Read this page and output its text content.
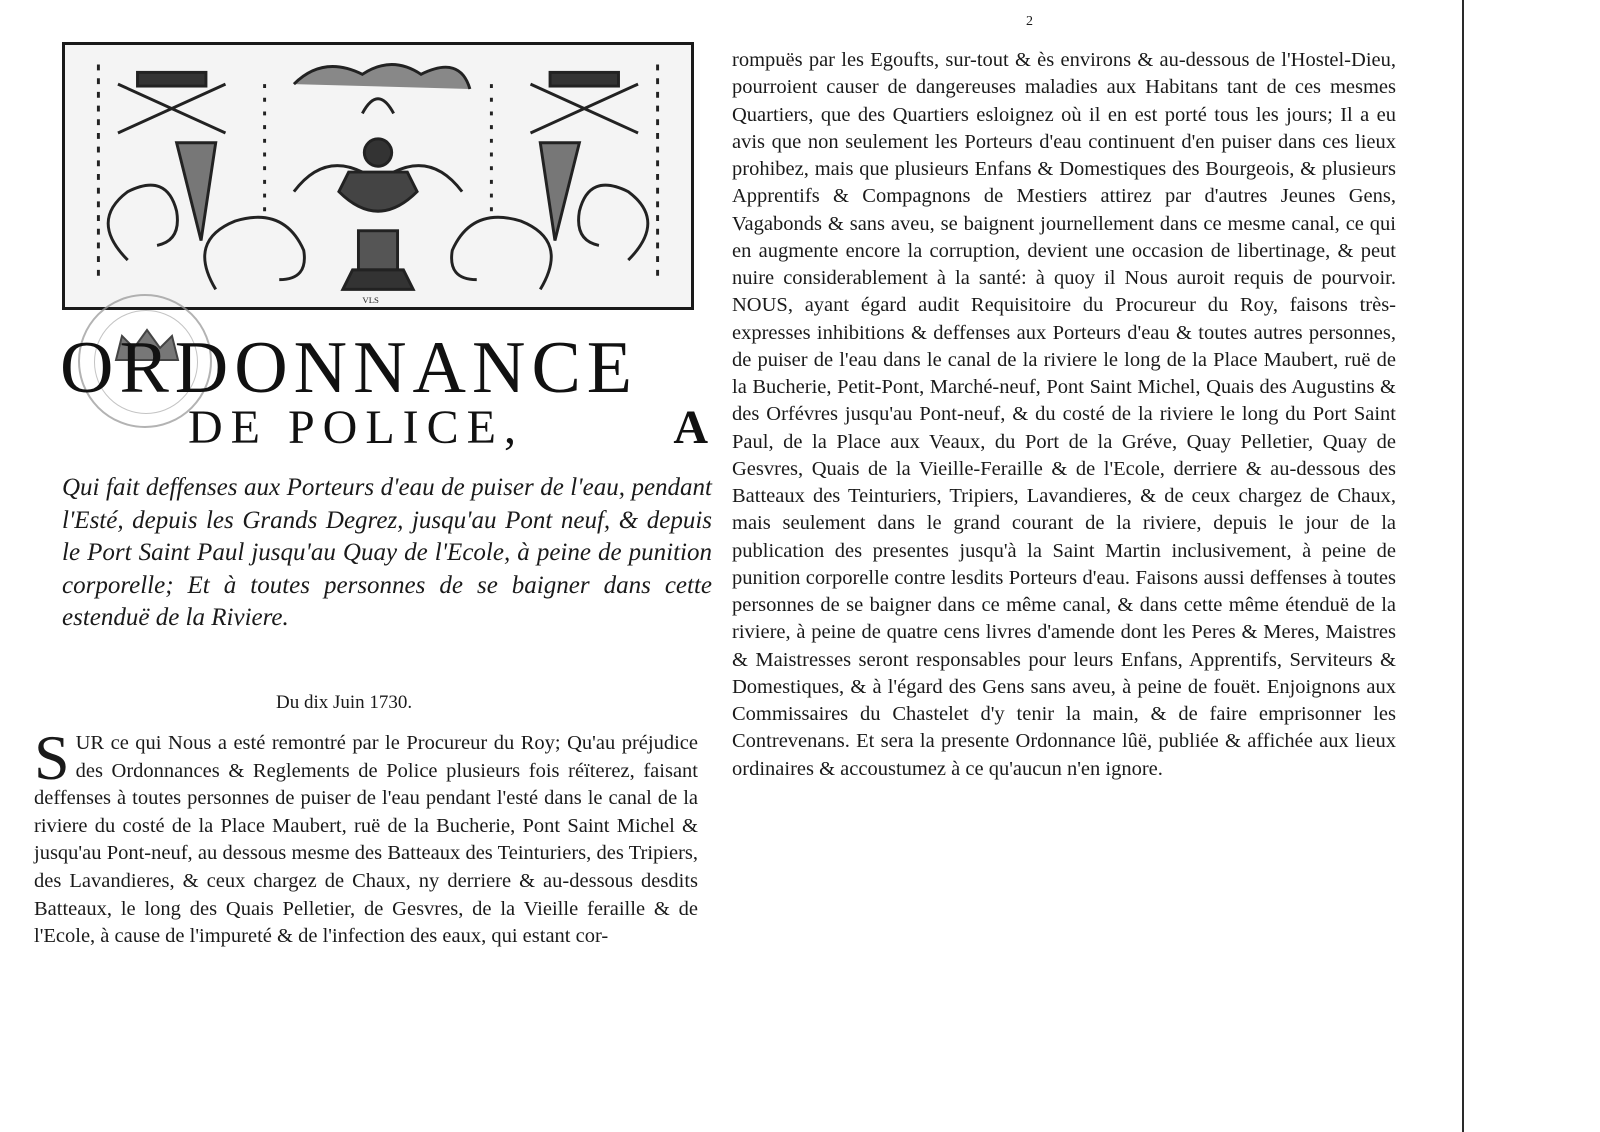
VLS
ORDONNANCE
DE POLICE,	A
Qui fait deffenses aux Porteurs d'eau de puiser de l'eau, pendant l'Esté, depuis les Grands Degrez, jusqu'au Pont neuf, & depuis le Port Saint Paul jusqu'au Quay de l'Ecole, à peine de punition corporelle; Et à toutes personnes de se baigner dans cette estenduë de la Riviere.
Du dix Juin 1730.
SUR ce qui Nous a esté remontré par le Procureur du Roy; Qu'au préjudice des Ordonnances & Reglements de Police plusieurs fois réïterez, faisant deffenses à toutes personnes de puiser de l'eau pendant l'esté dans le canal de la riviere du costé de la Place Maubert, ruë de la Bucherie, Pont Saint Michel & jusqu'au Pont-neuf, au dessous mesme des Batteaux des Teinturiers, des Tripiers, des Lavandieres, & ceux chargez de Chaux, ny derriere & au-dessous desdits Batteaux, le long des Quais Pelletier, de Gesvres, de la Vieille feraille & de l'Ecole, à cause de l'impureté & de l'infection des eaux, qui estant cor-
2
rompuës par les Egoufts, sur-tout & ès environs & au-dessous de l'Hostel-Dieu, pourroient causer de dangereuses maladies aux Habitans tant de ces mesmes Quartiers, que des Quartiers esloignez où il en est porté tous les jours; Il a eu avis que non seulement les Porteurs d'eau continuent d'en puiser dans ces lieux prohibez, mais que plusieurs Enfans & Domestiques des Bourgeois, & plusieurs Apprentifs & Compagnons de Mestiers attirez par d'autres Jeunes Gens, Vagabonds & sans aveu, se baignent journellement dans ce mesme canal, ce qui en augmente encore la corruption, devient une occasion de libertinage, & peut nuire considerablement à la santé: à quoy il Nous auroit requis de pourvoir. NOUS, ayant égard audit Requisitoire du Procureur du Roy, faisons très-expresses inhibitions & deffenses aux Porteurs d'eau & toutes autres personnes, de puiser de l'eau dans le canal de la riviere le long de la Place Maubert, ruë de la Bucherie, Petit-Pont, Marché-neuf, Pont Saint Michel, Quais des Augustins & des Orfévres jusqu'au Pont-neuf, & du costé de la riviere le long du Port Saint Paul, de la Place aux Veaux, du Port de la Gréve, Quay Pelletier, Quay de Gesvres, Quais de la Vieille-Feraille & de l'Ecole, derriere & au-dessous des Batteaux des Teinturiers, Tripiers, Lavandieres, & de ceux chargez de Chaux, mais seulement dans le grand courant de la riviere, depuis le jour de la publication des presentes jusqu'à la Saint Martin inclusivement, à peine de punition corporelle contre lesdits Porteurs d'eau. Faisons aussi deffenses à toutes personnes de se baigner dans ce même canal, & dans cette même étenduë de la riviere, à peine de quatre cens livres d'amende dont les Peres & Meres, Maistres & Maistresses seront responsables pour leurs Enfans, Apprentifs, Serviteurs & Domestiques, & à l'égard des Gens sans aveu, à peine de fouët. Enjoignons aux Commissaires du Chastelet d'y tenir la main, & de faire emprisonner les Contrevenans. Et sera la presente Ordonnance lûë, publiée & affichée aux lieux ordinaires & accoustumez à ce qu'aucun n'en ignore.
